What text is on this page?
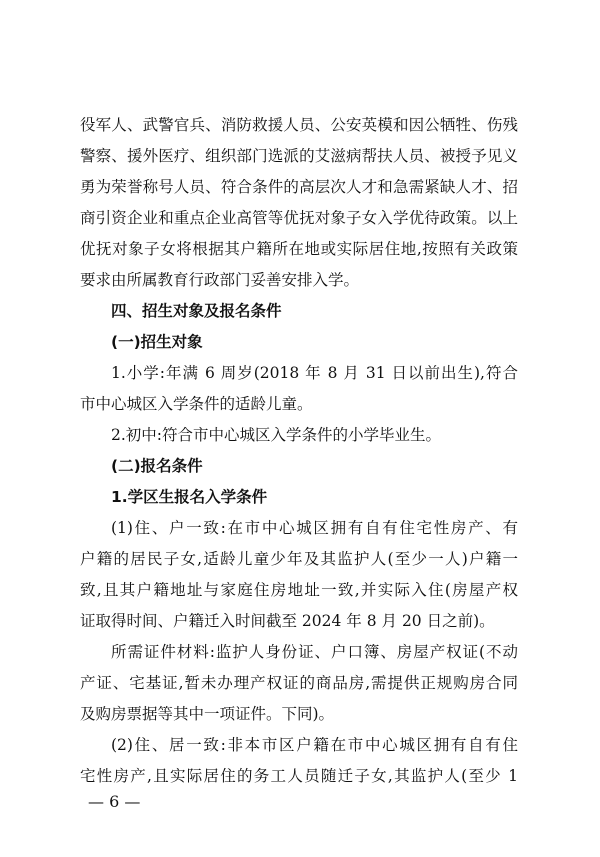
役军人、武警官兵、消防救援人员、公安英模和因公牺牲、伤残
警察、援外医疗、组织部门选派的艾滋病帮扶人员、被授予见义
勇为荣誉称号人员、符合条件的高层次人才和急需紧缺人才、招
商引资企业和重点企业高管等优抚对象子女入学优待政策。以上
优抚对象子女将根据其户籍所在地或实际居住地,按照有关政策
要求由所属教育行政部门妥善安排入学。
四、招生对象及报名条件
(一)招生对象
1.小学:年满 6 周岁(2018 年 8 月 31 日以前出生),符合
市中心城区入学条件的适龄儿童。
2.初中:符合市中心城区入学条件的小学毕业生。
(二)报名条件
1.学区生报名入学条件
(1)住、户一致:在市中心城区拥有自有住宅性房产、有
户籍的居民子女,适龄儿童少年及其监护人(至少一人)户籍一
致,且其户籍地址与家庭住房地址一致,并实际入住(房屋产权
证取得时间、户籍迁入时间截至 2024 年 8 月 20 日之前)。
所需证件材料:监护人身份证、户口簿、房屋产权证(不动
产证、宅基证,暂未办理产权证的商品房,需提供正规购房合同
及购房票据等其中一项证件。下同)。
(2)住、居一致:非本市区户籍在市中心城区拥有自有住
宅性房产,且实际居住的务工人员随迁子女,其监护人(至少 1
— 6 —
